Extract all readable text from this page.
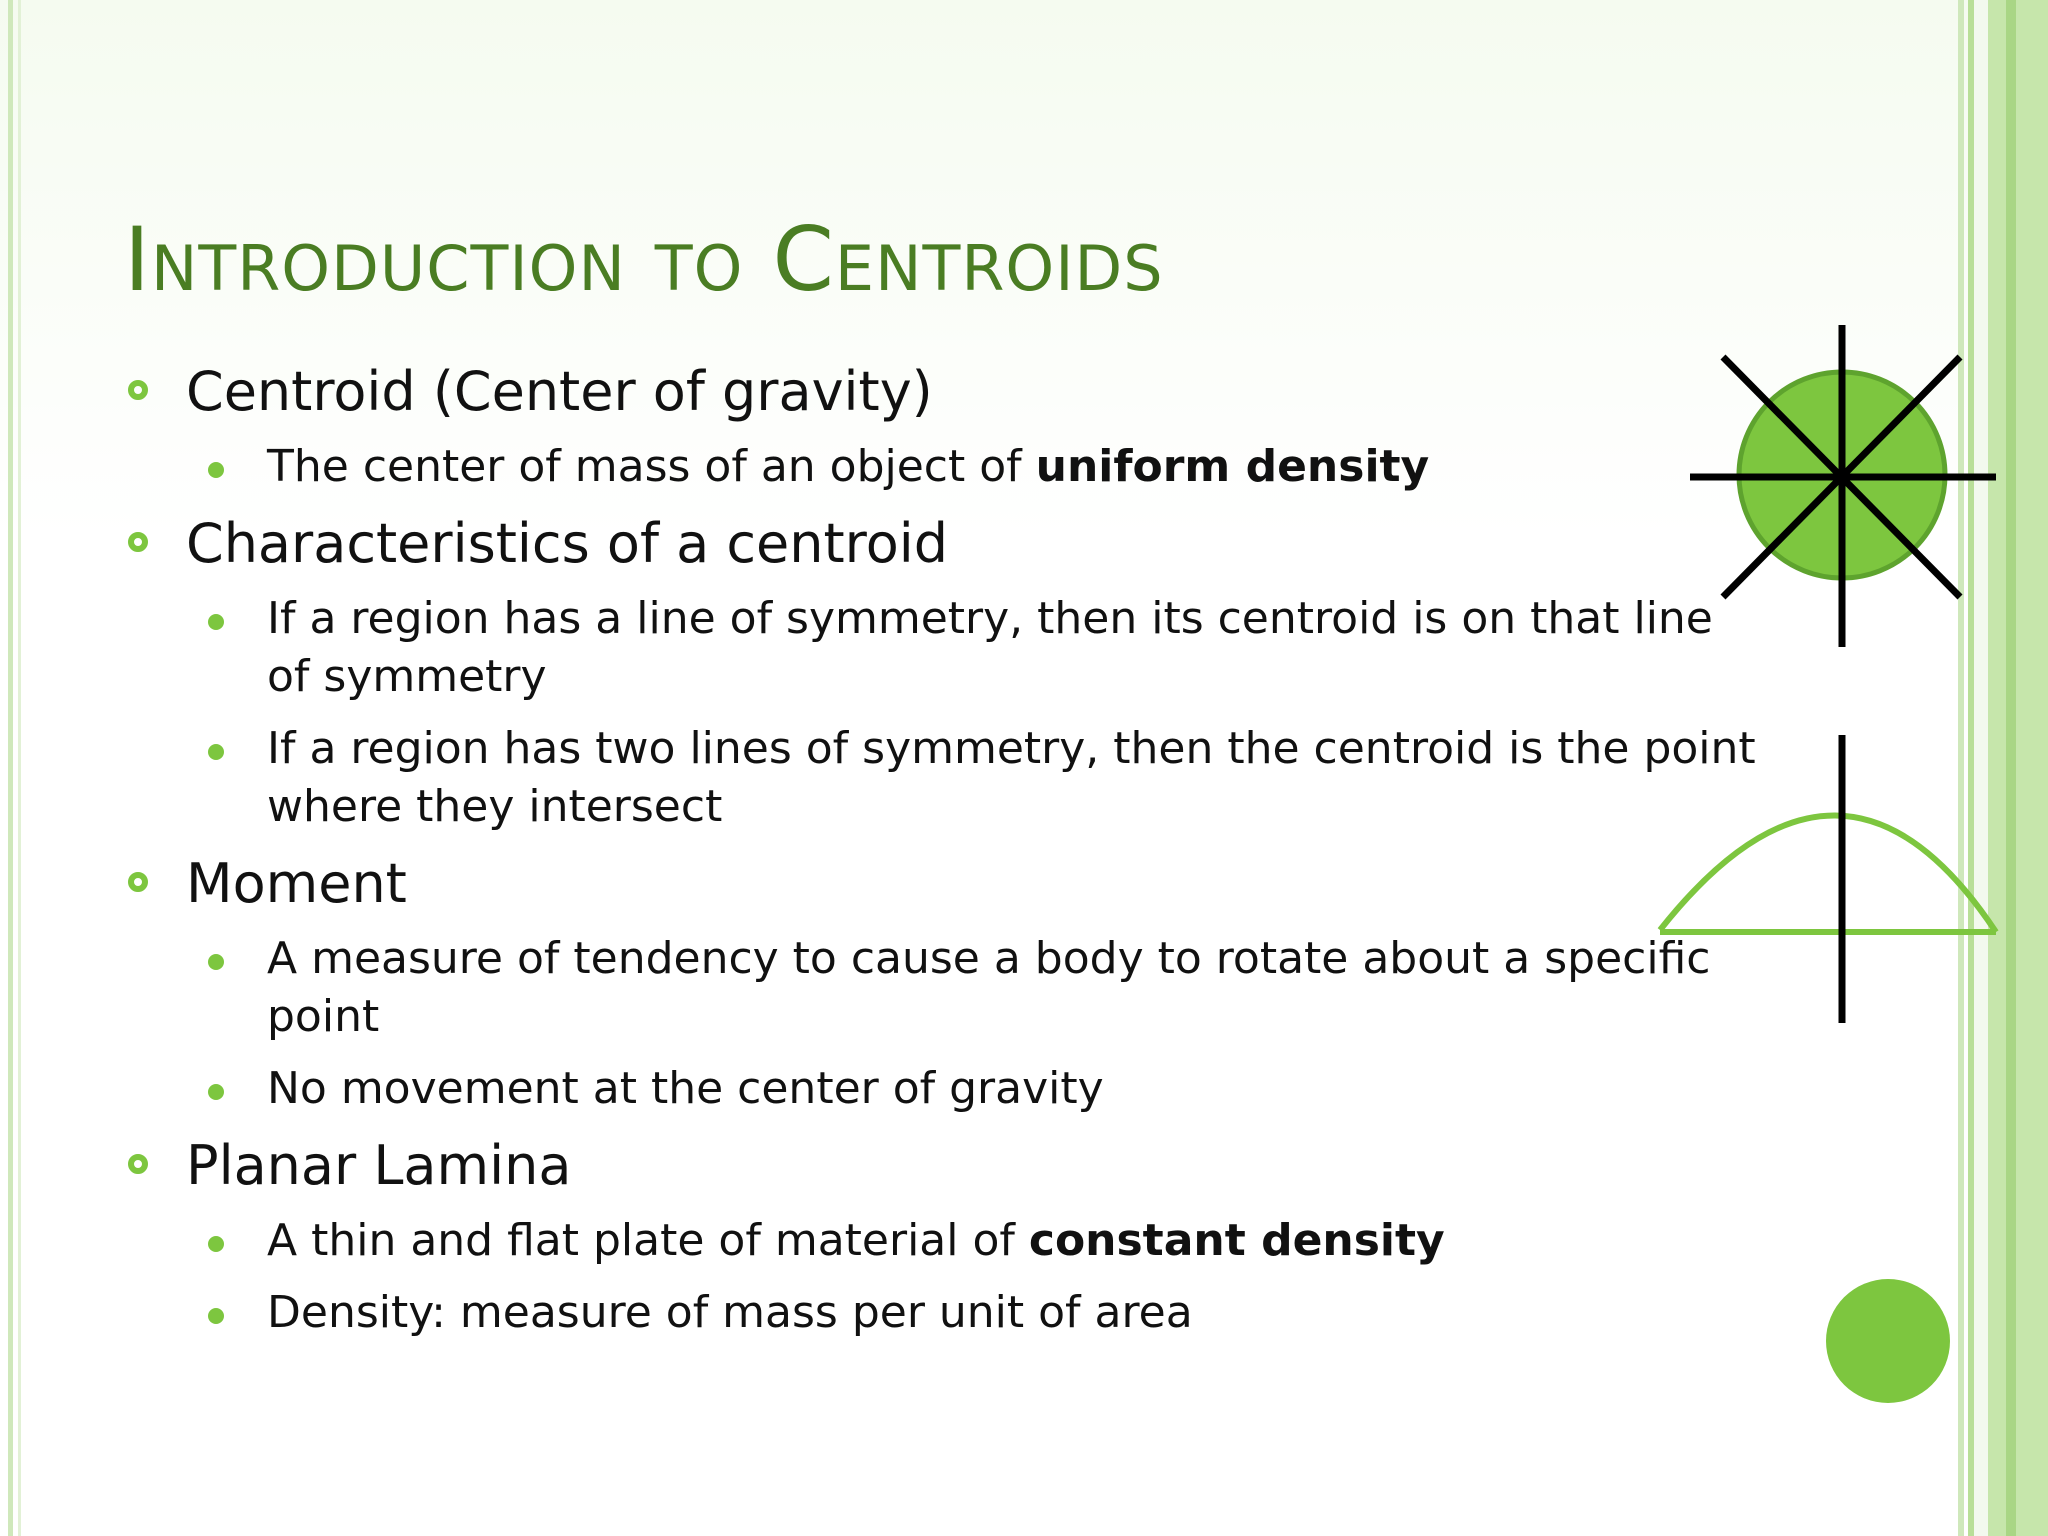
Introduction to Centroids
Centroid (Center of gravity)
The center of mass of an object of uniform density
Characteristics of a centroid
If a region has a line of symmetry, then its centroid is on that line of symmetry
If a region has two lines of symmetry, then the centroid is the point where they intersect
Moment
A measure of tendency to cause a body to rotate about a specific point
No movement at the center of gravity
Planar Lamina
A thin and flat plate of material of constant density
Density: measure of mass per unit of area
